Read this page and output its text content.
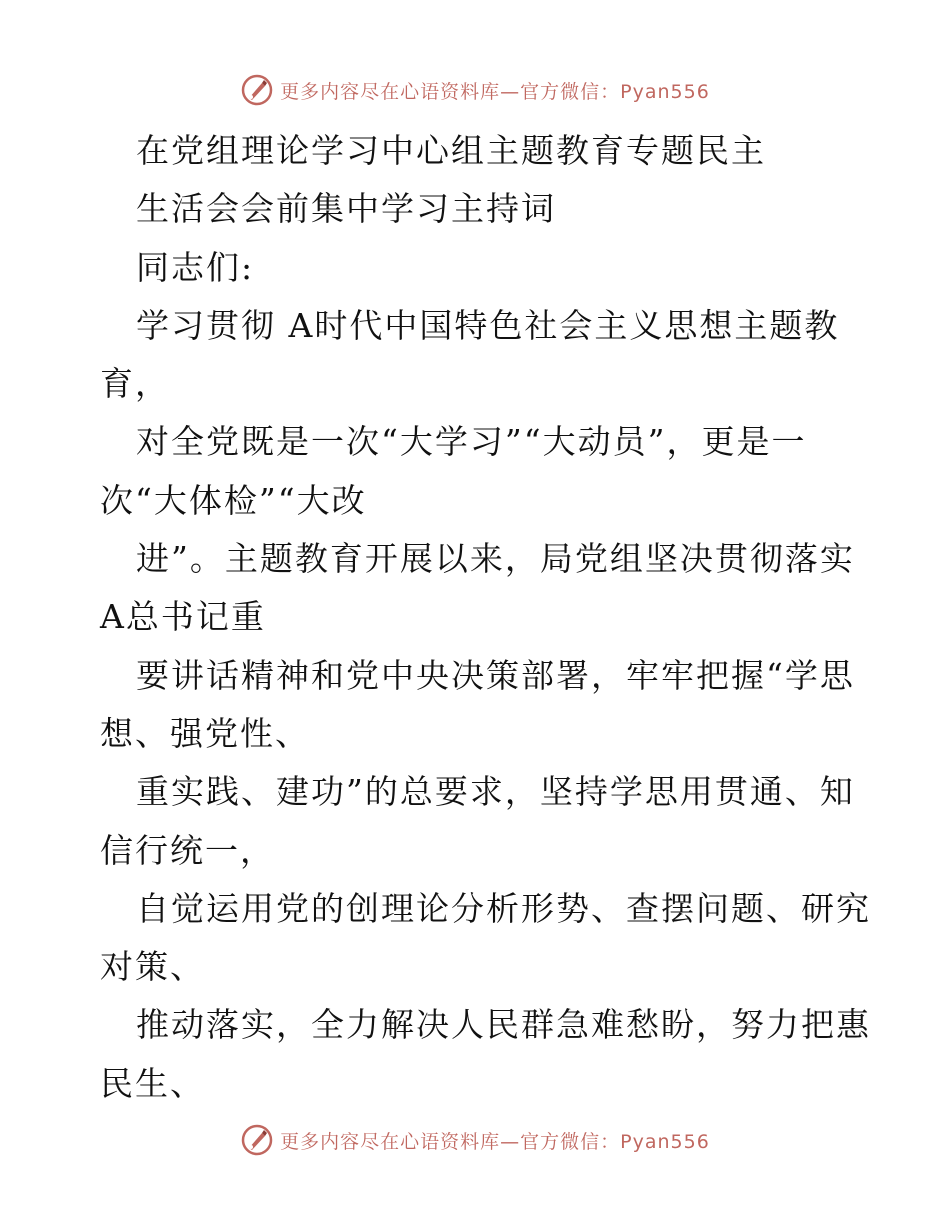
更多内容尽在心语资料库—官方微信：Pyan556
在党组理论学习中心组主题教育专题民主
生活会会前集中学习主持词
同志们:
学习贯彻 A时代中国特色社会主义思想主题教
育，
对全党既是一次“大学习”“大动员”，更是一
次“大体检”“大改
进”。主题教育开展以来，局党组坚决贯彻落实
A总书记重
要讲话精神和党中央决策部署，牢牢把握“学思
想、强党性、
重实践、建功”的总要求，坚持学思用贯通、知
信行统一，
自觉运用党的创理论分析形势、查摆问题、研究
对策、
推动落实，全力解决人民群急难愁盼，努力把惠
民生、
更多内容尽在心语资料库—官方微信：Pyan556
